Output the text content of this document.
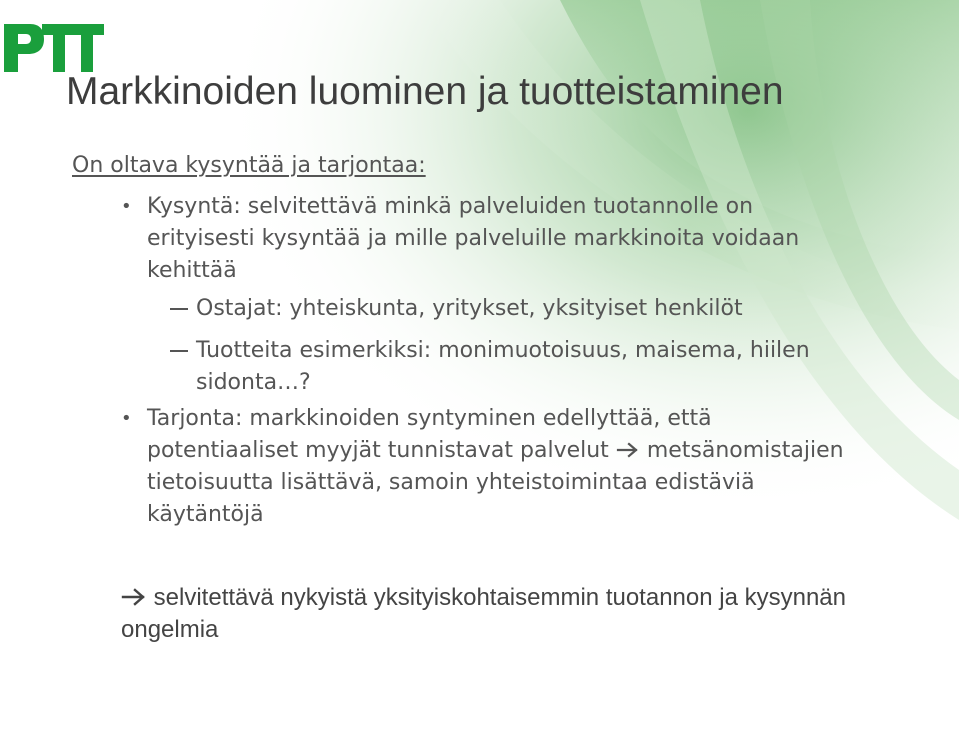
Markkinoiden luominen ja tuotteistaminen
On oltava kysyntää ja tarjontaa:
• Kysyntä: selvitettävä minkä palveluiden tuotannolle on erityisesti kysyntää ja mille palveluille markkinoita voidaan kehittää
Ostajat: yhteiskunta, yritykset, yksityiset henkilöt
Tuotteita esimerkiksi: monimuotoisuus, maisema, hiilen sidonta…?
• Tarjonta: markkinoiden syntyminen edellyttää, että potentiaaliset myyjät tunnistavat palvelut metsänomistajien tietoisuutta lisättävä, samoin yhteistoimintaa edistäviä käytäntöjä
selvitettävä nykyistä yksityiskohtaisemmin tuotannon ja kysynnän ongelmia
